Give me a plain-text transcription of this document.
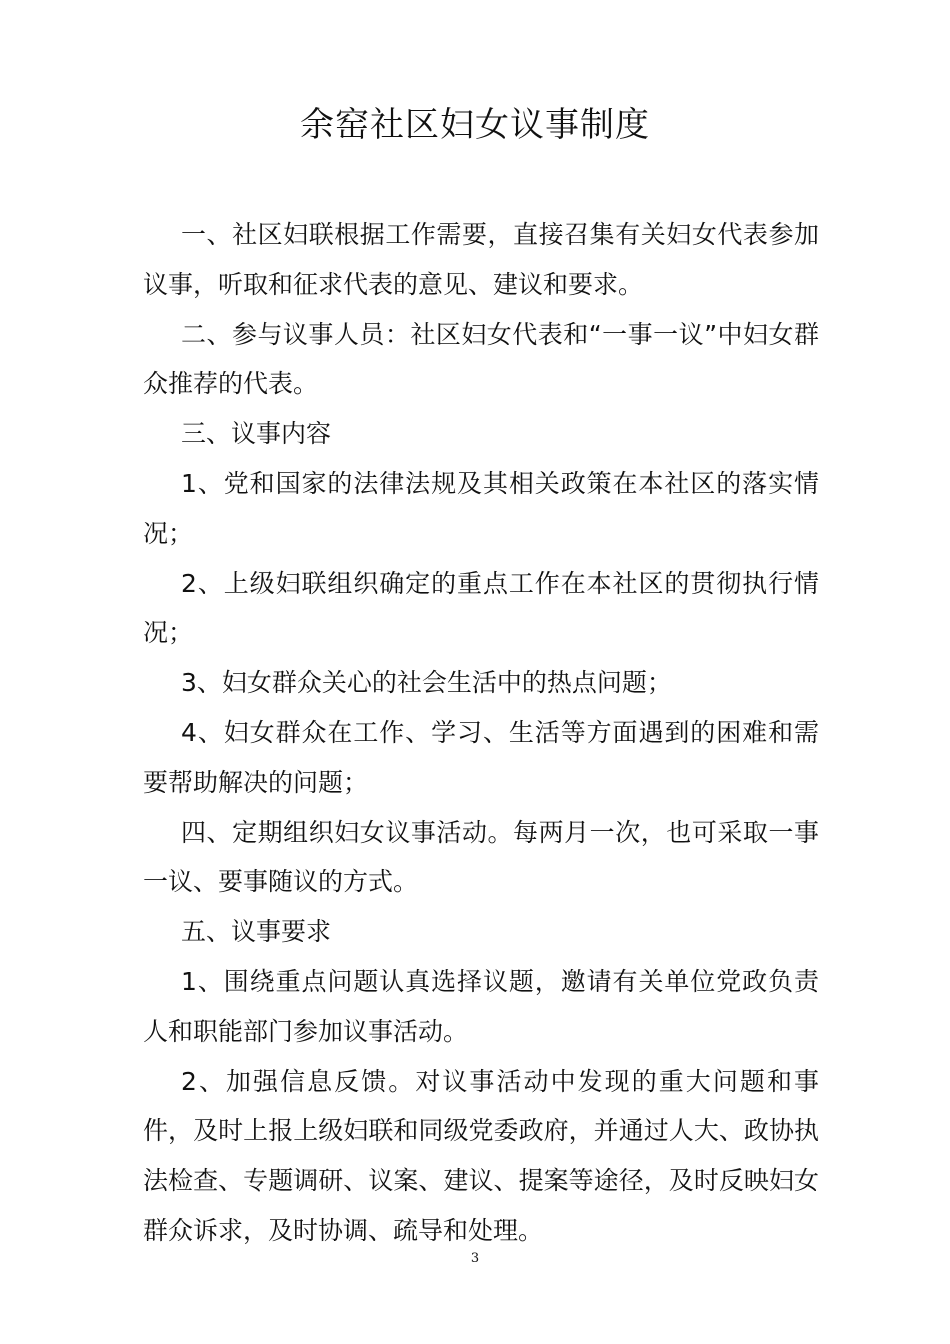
余窑社区妇女议事制度

一、社区妇联根据工作需要，直接召集有关妇女代表参加议事，听取和征求代表的意见、建议和要求。

二、参与议事人员：社区妇女代表和“一事一议”中妇女群众推荐的代表。

三、议事内容

1、党和国家的法律法规及其相关政策在本社区的落实情况；

2、上级妇联组织确定的重点工作在本社区的贯彻执行情况；

3、妇女群众关心的社会生活中的热点问题；

4、妇女群众在工作、学习、生活等方面遇到的困难和需要帮助解决的问题；

四、定期组织妇女议事活动。每两月一次，也可采取一事一议、要事随议的方式。

五、议事要求

1、围绕重点问题认真选择议题，邀请有关单位党政负责人和职能部门参加议事活动。

2、加强信息反馈。对议事活动中发现的重大问题和事件，及时上报上级妇联和同级党委政府，并通过人大、政协执法检查、专题调研、议案、建议、提案等途径，及时反映妇女群众诉求，及时协调、疏导和处理。

3
